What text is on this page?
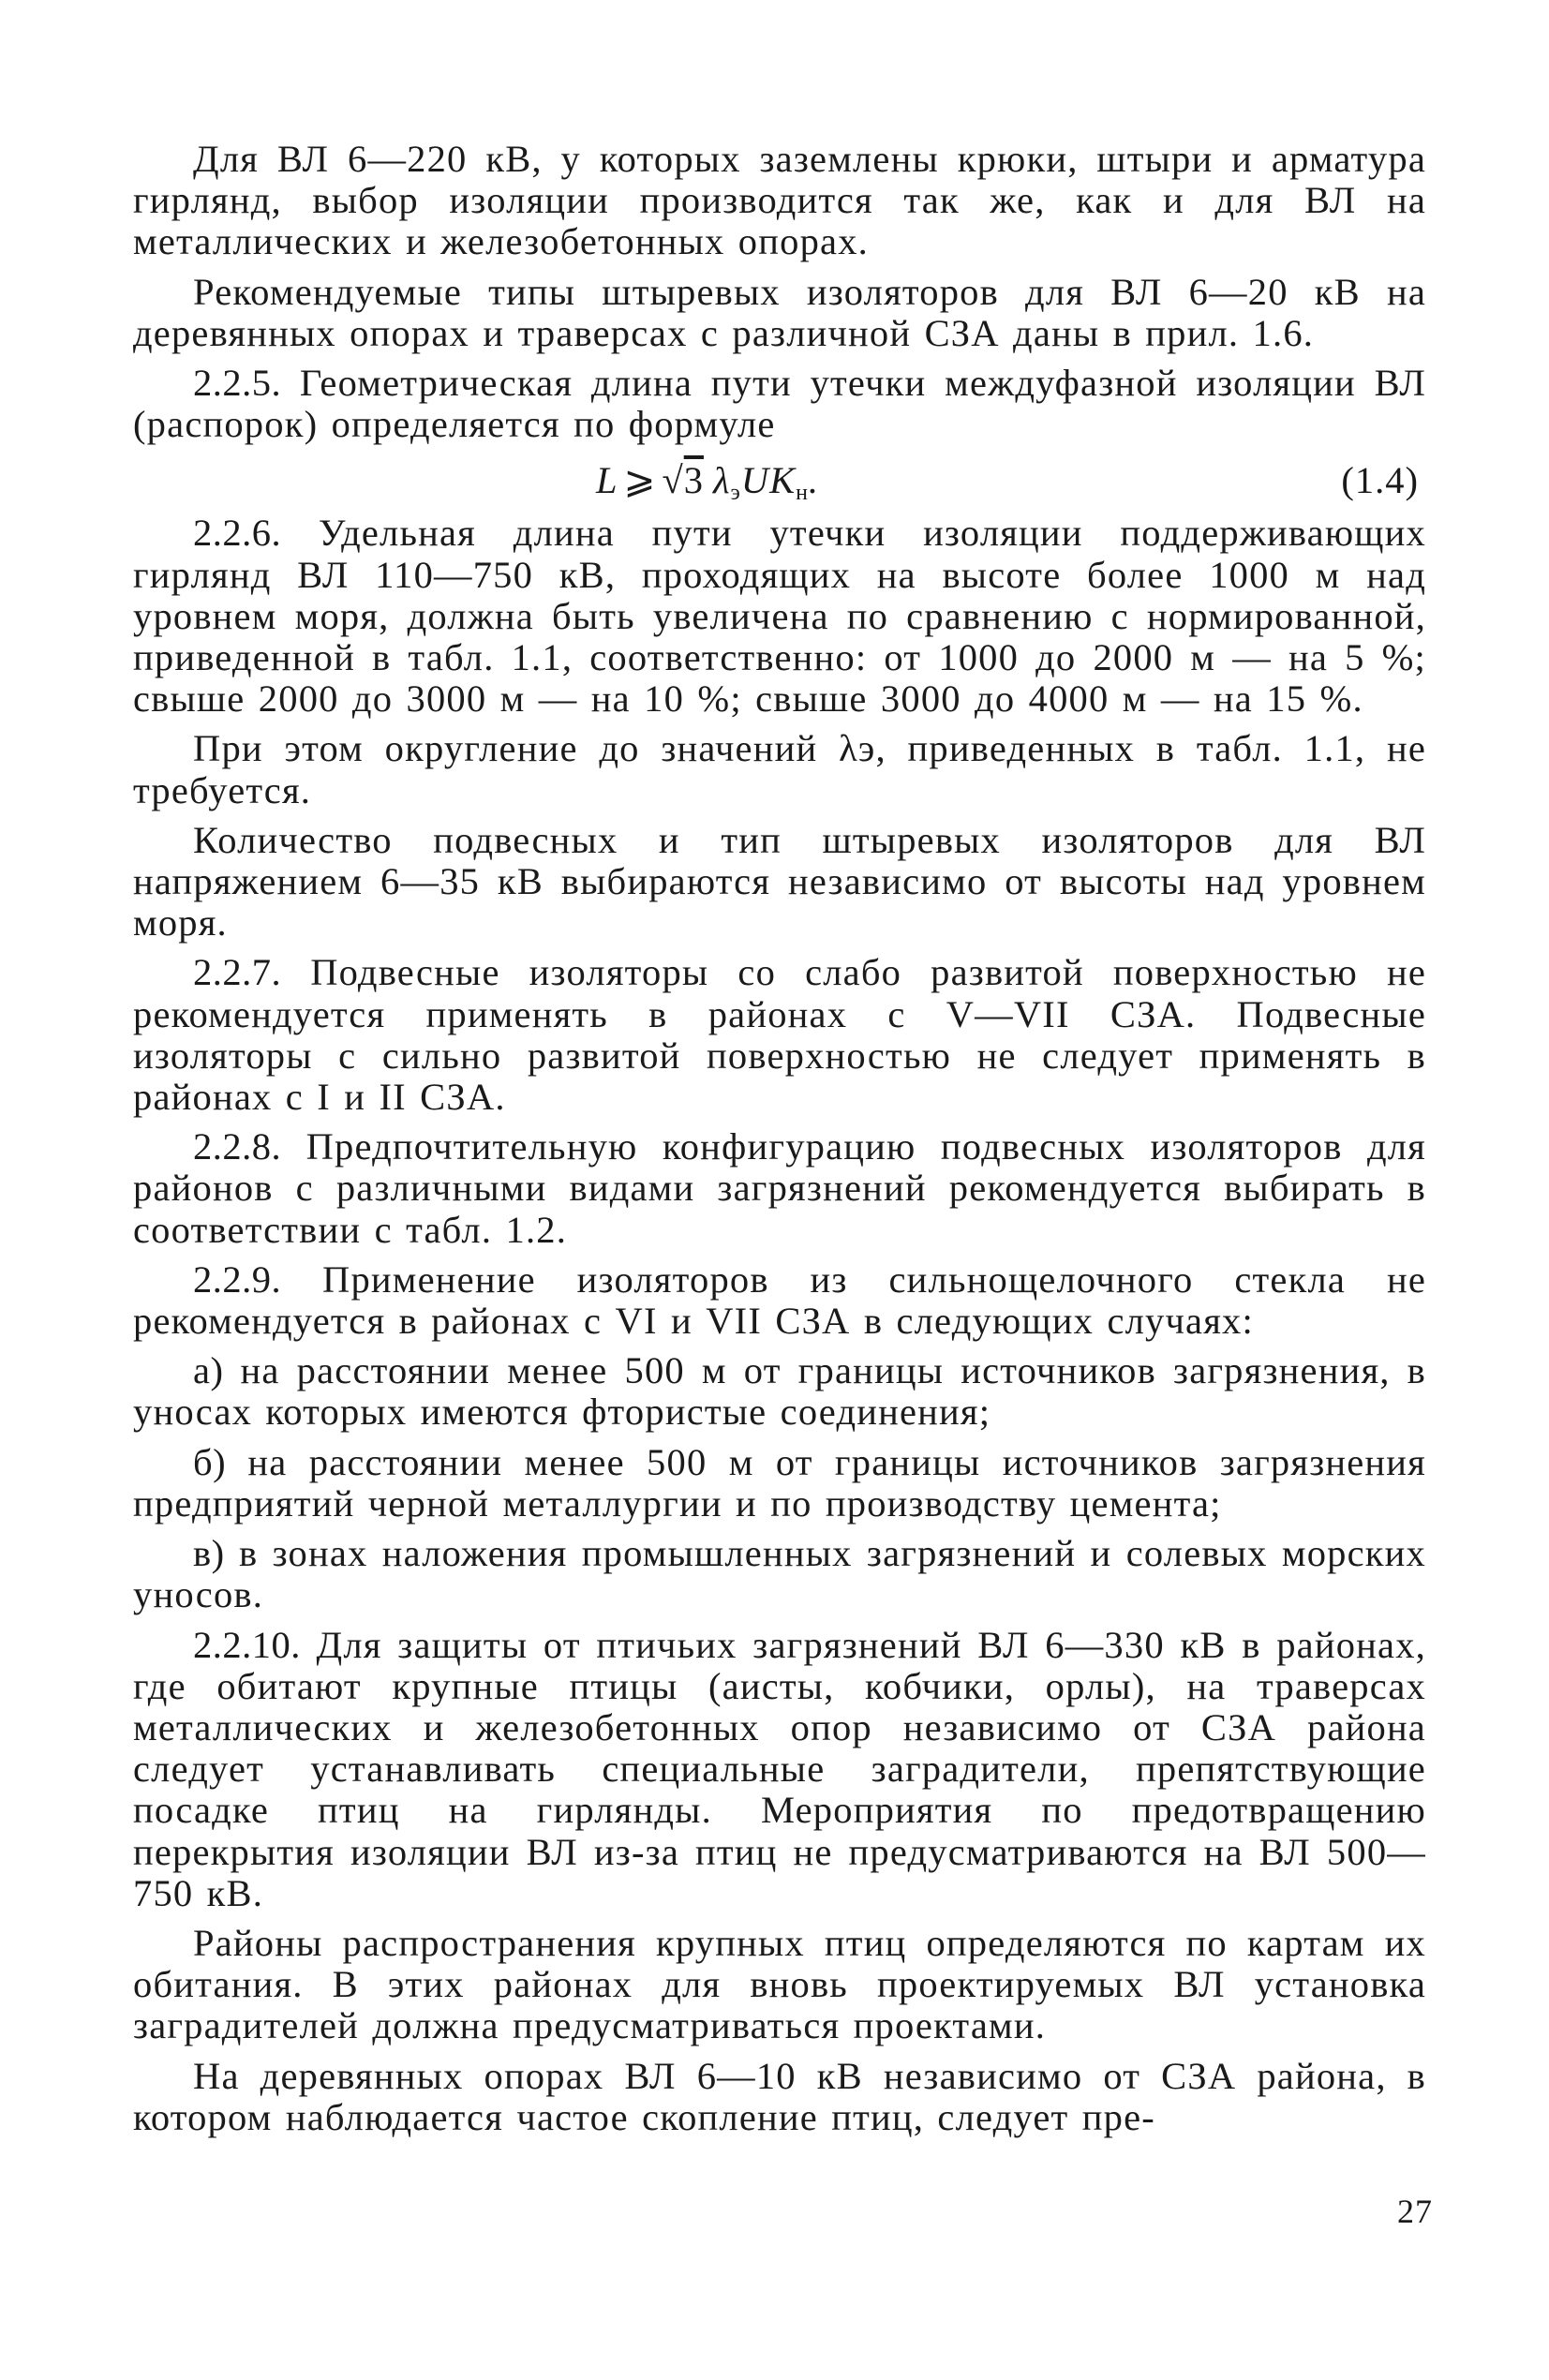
Для ВЛ 6—220 кВ, у которых заземлены крюки, штыри и арматура гирлянд, выбор изоляции производится так же, как и для ВЛ на металлических и железобетонных опорах.

Рекомендуемые типы штыревых изоляторов для ВЛ 6—20 кВ на деревянных опорах и траверсах с различной СЗА даны в прил. 1.6.

2.2.5. Геометрическая длина пути утечки междуфазной изоляции ВЛ (распорок) определяется по формуле

L ⩾ √3 $\lambda_эUK_н$.	(1.4)

2.2.6. Удельная длина пути утечки изоляции поддерживающих гирлянд ВЛ 110—750 кВ, проходящих на высоте более 1000 м над уровнем моря, должна быть увеличена по сравнению с нормированной, приведенной в табл. 1.1, соответственно: от 1000 до 2000 м — на 5 %; свыше 2000 до 3000 м — на 10 %; свыше 3000 до 4000 м — на 15 %.

При этом округление до значений λэ, приведенных в табл. 1.1, не требуется.

Количество подвесных и тип штыревых изоляторов для ВЛ напряжением 6—35 кВ выбираются независимо от высоты над уровнем моря.

2.2.7. Подвесные изоляторы со слабо развитой поверхностью не рекомендуется применять в районах с V—VII СЗА. Подвесные изоляторы с сильно развитой поверхностью не следует применять в районах с I и II СЗА.

2.2.8. Предпочтительную конфигурацию подвесных изоляторов для районов с различными видами загрязнений рекомендуется выбирать в соответствии с табл. 1.2.

2.2.9. Применение изоляторов из сильнощелочного стекла не рекомендуется в районах с VI и VII СЗА в следующих случаях:

а) на расстоянии менее 500 м от границы источников загрязнения, в уносах которых имеются фтористые соединения;

б) на расстоянии менее 500 м от границы источников загрязнения предприятий черной металлургии и по производству цемента;

в) в зонах наложения промышленных загрязнений и солевых морских уносов.

2.2.10. Для защиты от птичьих загрязнений ВЛ 6—330 кВ в районах, где обитают крупные птицы (аисты, кобчики, орлы), на траверсах металлических и железобетонных опор независимо от СЗА района следует устанавливать специальные заградители, препятствующие посадке птиц на гирлянды. Мероприятия по предотвращению перекрытия изоляции ВЛ из-за птиц не предусматриваются на ВЛ 500—750 кВ.

Районы распространения крупных птиц определяются по картам их обитания. В этих районах для вновь проектируемых ВЛ установка заградителей должна предусматриваться проектами.

На деревянных опорах ВЛ 6—10 кВ независимо от СЗА района, в котором наблюдается частое скопление птиц, следует пре-

27
